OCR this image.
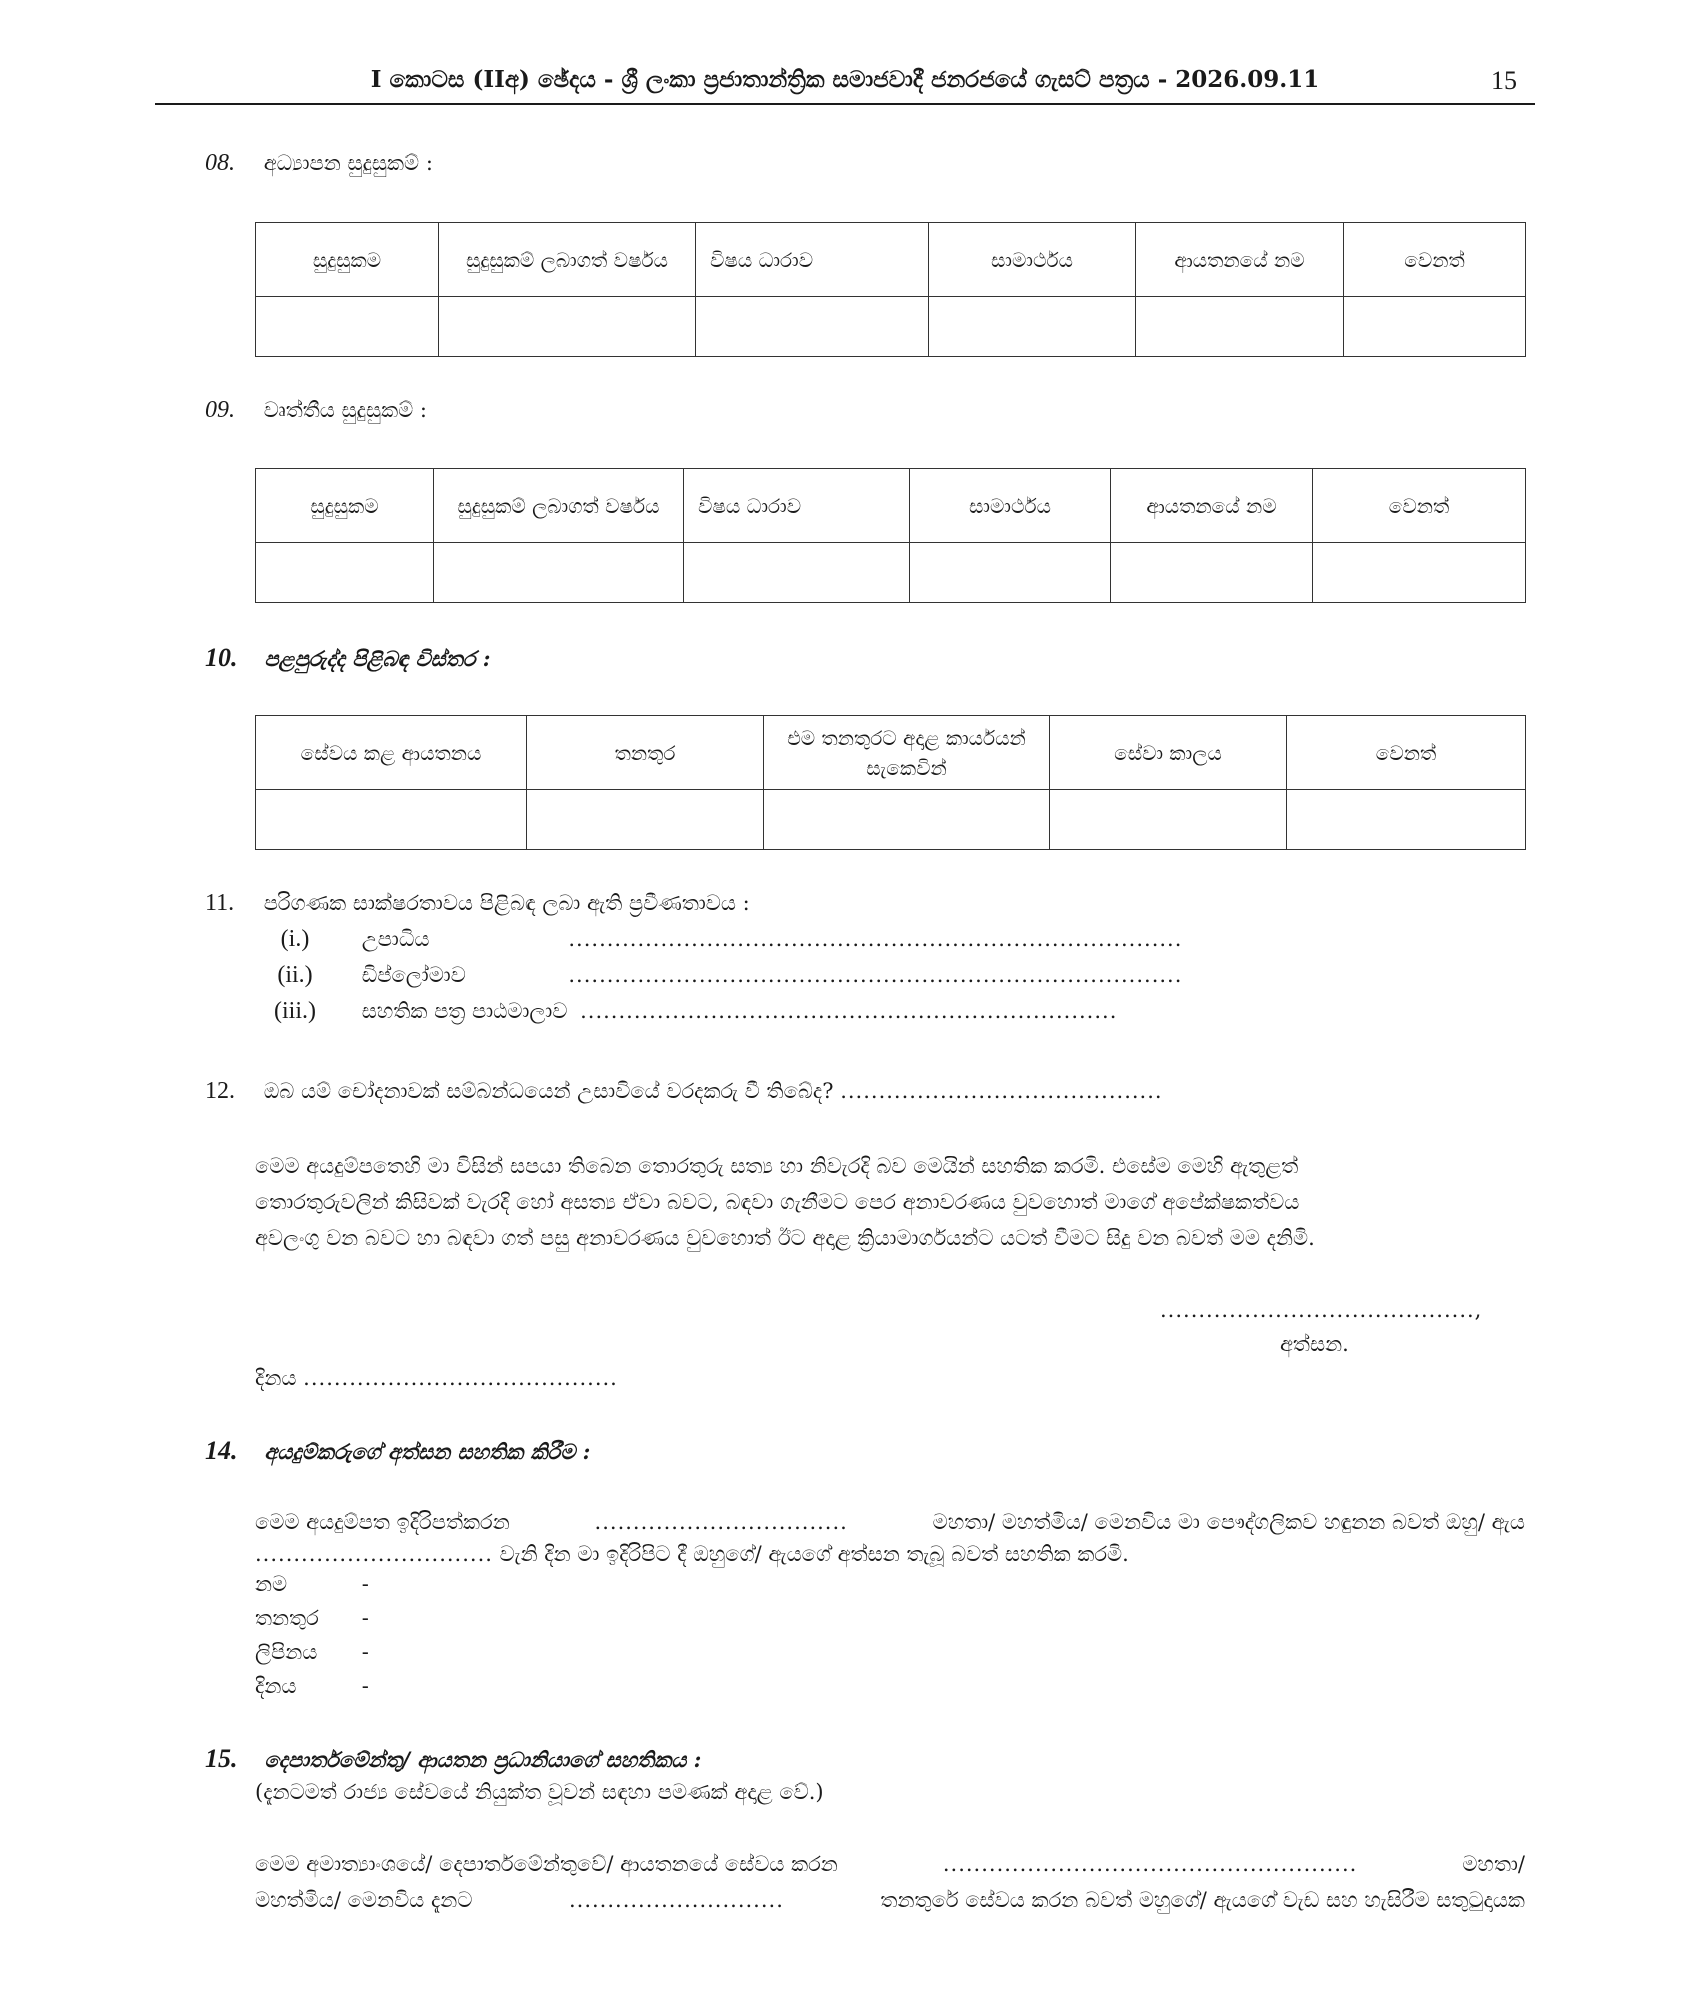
I කොටස (IIඅ) ඡේදය - ශ්‍රී ලංකා ප්‍රජාතාන්ත්‍රික සමාජවාදී ජනරජයේ ගැසට් පත්‍රය - 2026.09.11	15
08. අධ්‍යාපන සුදුසුකම් :
සුදුසුකම	සුදුසුකම් ලබාගත් වර්ෂය	විෂය ධාරාව	සාමාර්ථය	ආයතනයේ නම	වෙනත්

09. වෘත්තීය සුදුසුකම් :
සුදුසුකම	සුදුසුකම් ලබාගත් වර්ෂය	විෂය ධාරාව	සාමාර්ථය	ආයතනයේ නම	වෙනත්

10. පළපුරුද්ද පිළිබඳ විස්තර :
සේවය කළ ආයතනය	තනතුර	එම තනතුරට අදාළ කාර්යයන් සැකෙවින්	සේවා කාලය	වෙනත්

11. පරිගණක සාක්ෂරතාවය පිළිබඳ ලබා ඇති ප්‍රවීණතාවය :
(i.) උපාධිය	................................................................................
(ii.) ඩිප්ලෝමාව	................................................................................
(iii.) සහතික පත්‍ර පාඨමාලාව ......................................................................
12. ඔබ යම් චෝදනාවක් සම්බන්ධයෙන් උසාවියේ වරදකරු වී තිබේද? ..........................................
මෙම අයදුම්පතෙහි මා විසින් සපයා තිබෙන තොරතුරු සත්‍ය හා නිවැරදි බව මෙයින් සහතික කරමි. එසේම මෙහි ඇතුළත්
තොරතුරුවලින් කිසිවක් වැරදි හෝ අසත්‍ය ඒවා බවට, බඳවා ගැනීමට පෙර අනාවරණය වුවහොත් මාගේ අපේක්ෂකත්වය
අවලංගු වන බවට හා බඳවා ගත් පසු අනාවරණය වුවහොත් ඊට අදාළ ක්‍රියාමාර්ගයන්ට යටත් වීමට සිදු වන බවත් මම දනිමි.
.........................................,
අත්සන.
දිනය .........................................
14. අයදුම්කරුගේ අත්සන සහතික කිරීම :
මෙම අයදුම්පත ඉදිරිපත්කරන	.................................	මහතා/ මහත්මිය/ මෙනවිය මා පෞද්ගලිකව හඳුනන බවත් ඔහු/ ඇය
............................... වැනි දින මා ඉදිරිපිට දී ඔහුගේ/ ඇයගේ අත්සන තැබූ බවත් සහතික කරමි.
නම	-
තනතුර -
ලිපිනය -
දිනය	-
15. දෙපාර්තමේන්තු/ ආයතන ප්‍රධානියාගේ සහතිකය :
(දැනටමත් රාජ්‍ය සේවයේ නියුක්ත වූවන් සඳහා පමණක් අදාළ වේ.)
මෙම අමාත්‍යාංශයේ/ දෙපාර්තමේන්තුවේ/ ආයතනයේ සේවය කරන	......................................................	මහතා/
මහත්මිය/ මෙනවිය දැනට	............................	තනතුරේ සේවය කරන බවත් මහුගේ/ ඇයගේ වැඩ සහ හැසිරීම සතුටුදායක
